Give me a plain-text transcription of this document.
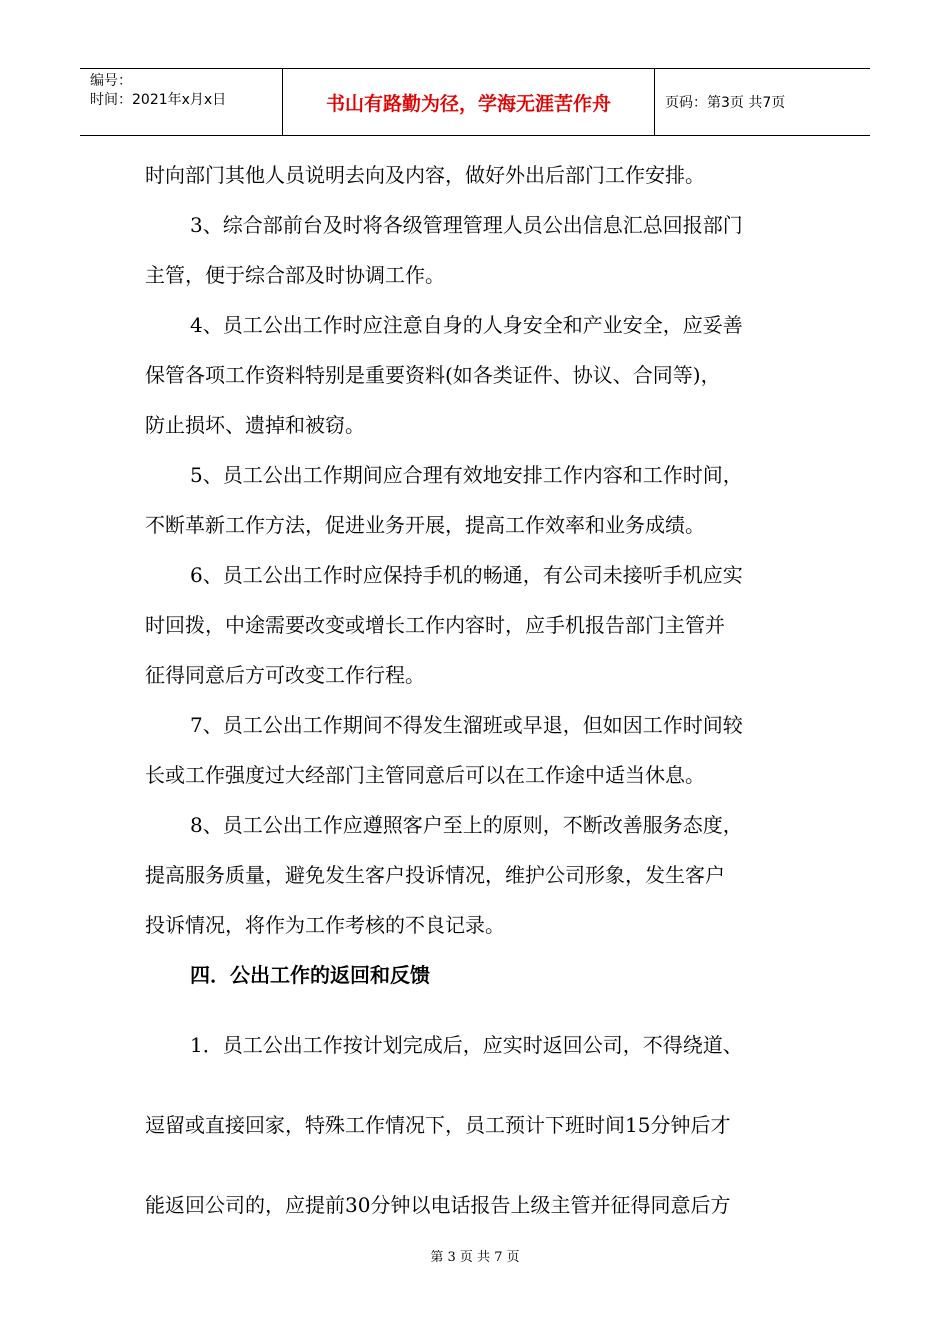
编号：
时间：2021年x月x日	书山有路勤为径，学海无涯苦作舟	页码：第3页 共7页
时向部门其他人员说明去向及内容，做好外出后部门工作安排。
3、综合部前台及时将各级管理管理人员公出信息汇总回报部门
主管，便于综合部及时协调工作。
4、员工公出工作时应注意自身的人身安全和产业安全，应妥善
保管各项工作资料特别是重要资料(如各类证件、协议、合同等)，
防止损坏、遗掉和被窃。
5、员工公出工作期间应合理有效地安排工作内容和工作时间，
不断革新工作方法，促进业务开展，提高工作效率和业务成绩。
6、员工公出工作时应保持手机的畅通，有公司未接听手机应实
时回拨，中途需要改变或增长工作内容时，应手机报告部门主管并
征得同意后方可改变工作行程。
7、员工公出工作期间不得发生溜班或早退，但如因工作时间较
长或工作强度过大经部门主管同意后可以在工作途中适当休息。
8、员工公出工作应遵照客户至上的原则，不断改善服务态度，
提高服务质量，避免发生客户投诉情况，维护公司形象，发生客户
投诉情况，将作为工作考核的不良记录。
四．公出工作的返回和反馈
1．员工公出工作按计划完成后，应实时返回公司，不得绕道、
逗留或直接回家，特殊工作情况下，员工预计下班时间15分钟后才
能返回公司的，应提前30分钟以电话报告上级主管并征得同意后方
第 3 页 共 7 页
